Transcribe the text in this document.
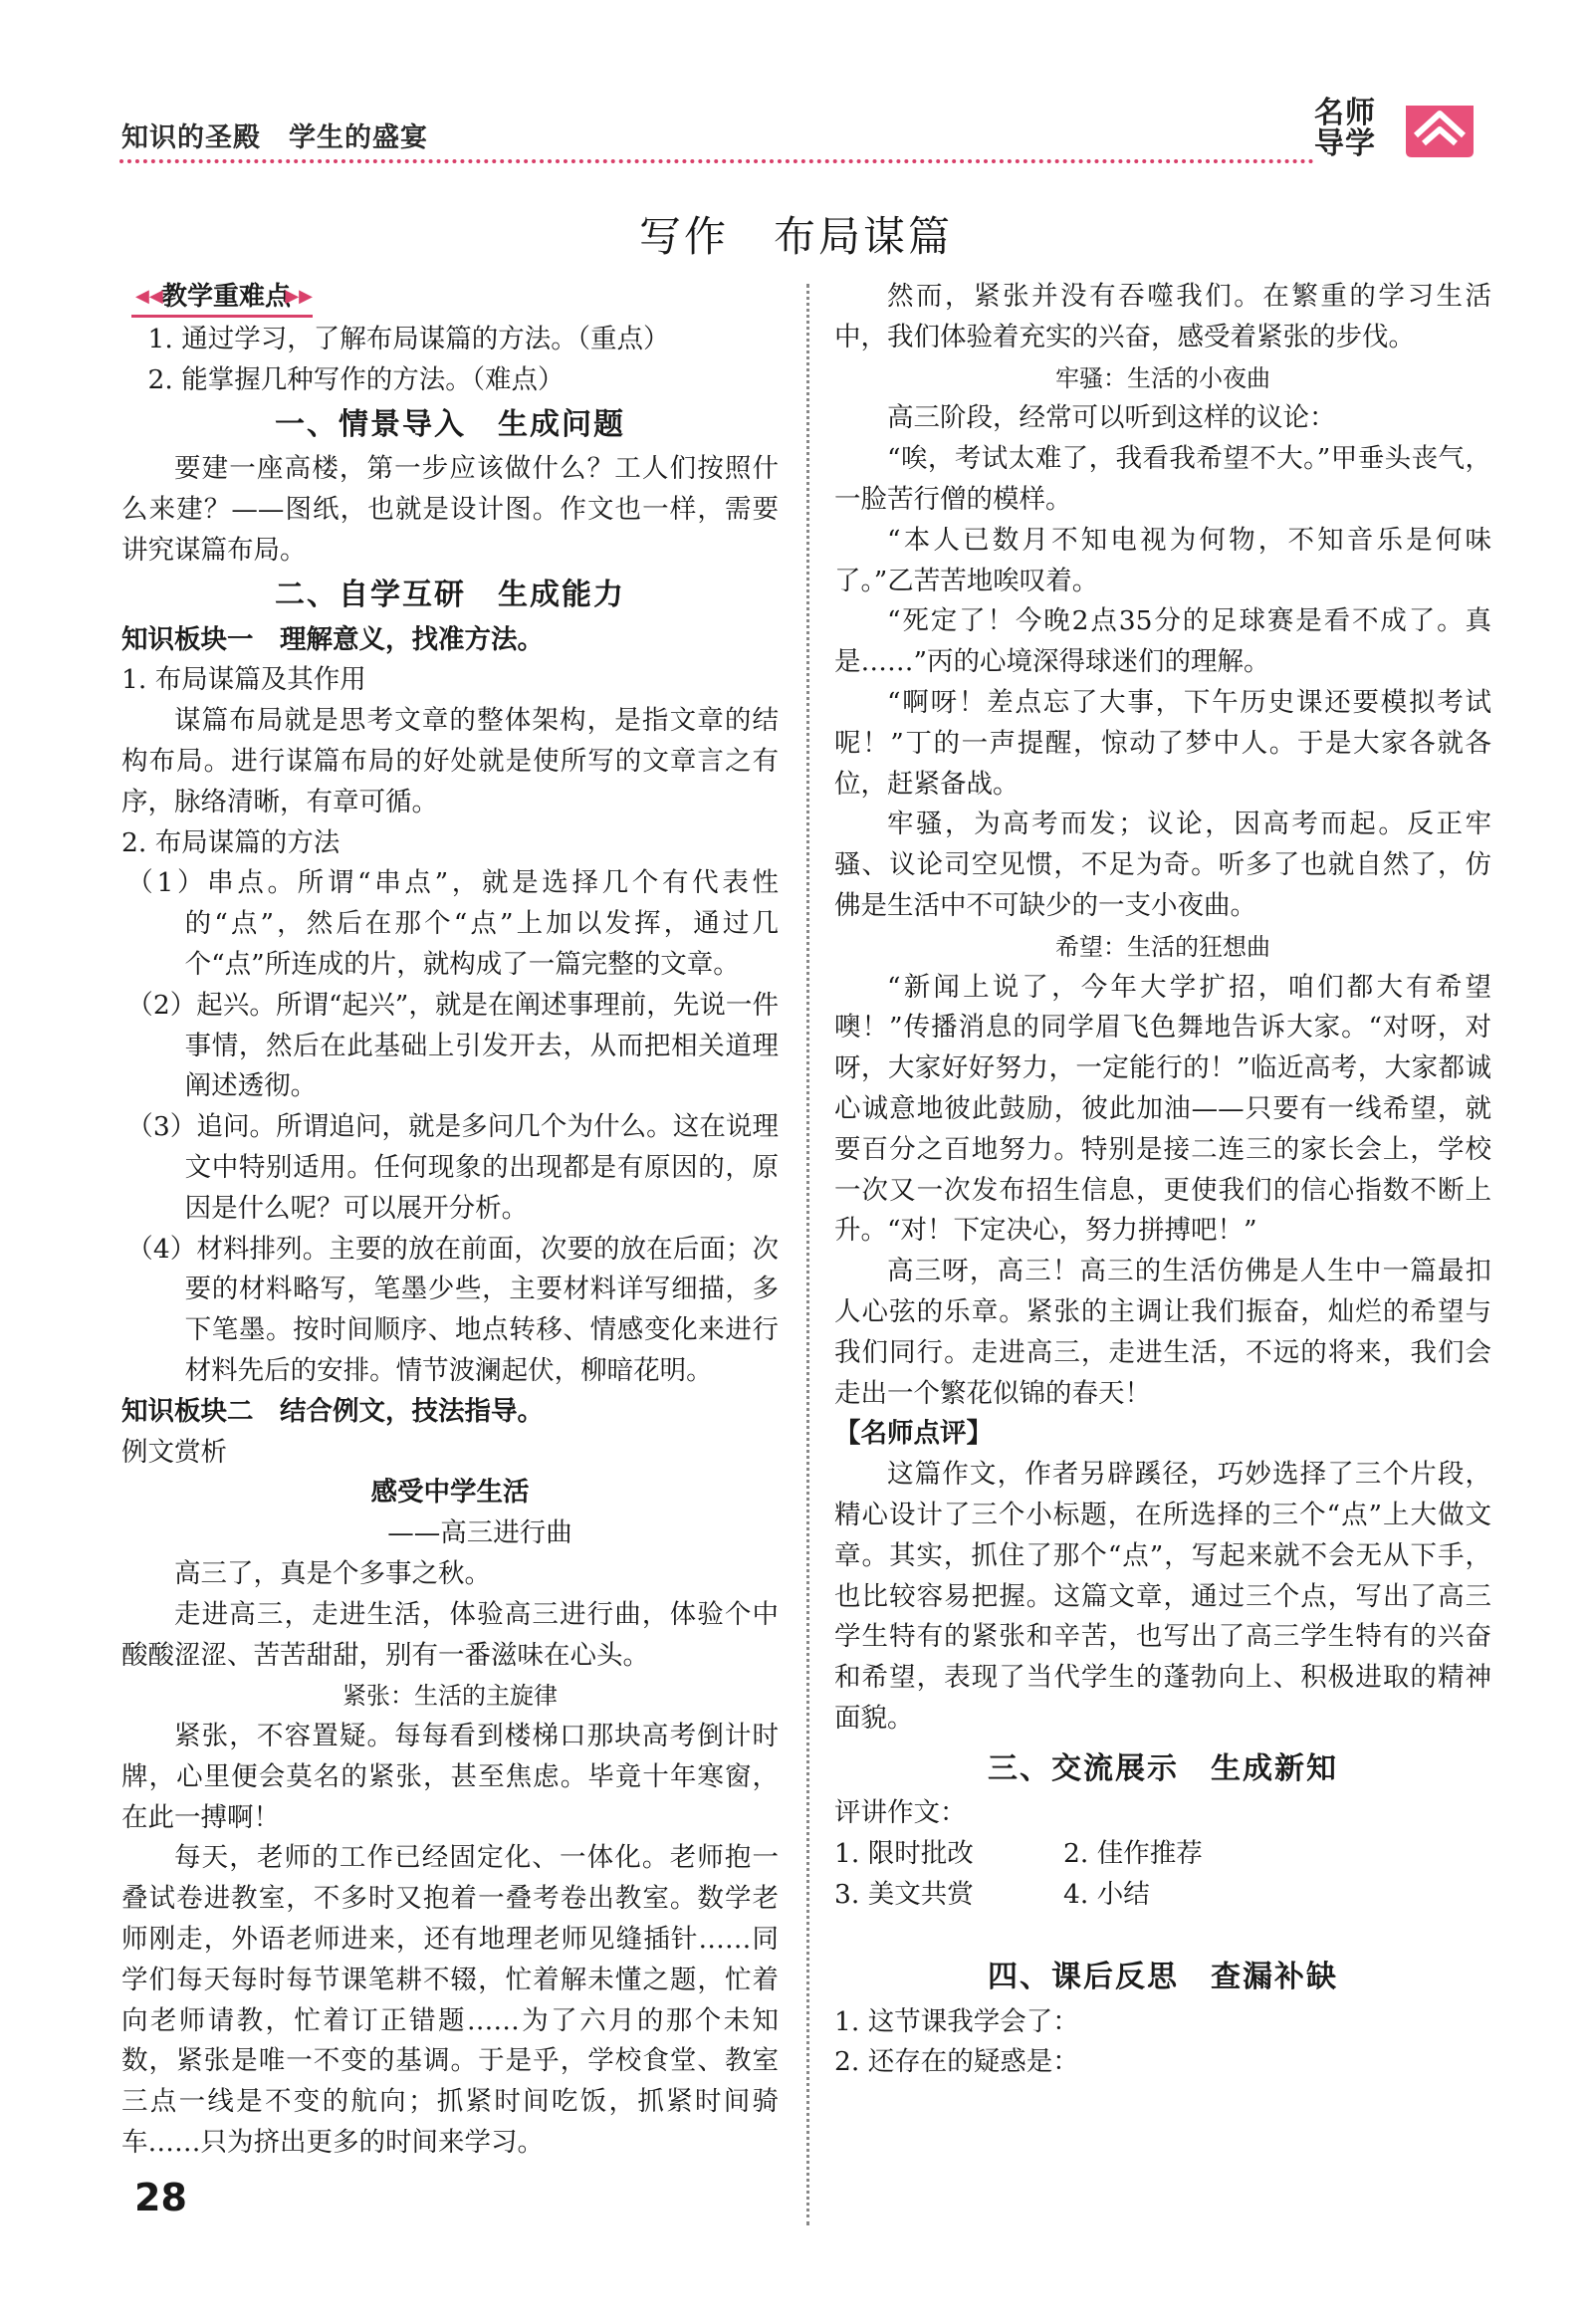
知识的圣殿　学生的盛宴
名师导学
写作　布局谋篇
◀◀
教学重难点
▶▶

1. 通过学习，了解布局谋篇的方法。（重点）

2. 能掌握几种写作的方法。（难点）

一、情景导入　生成问题

要建一座高楼，第一步应该做什么？工人们按照什么来建？——图纸，也就是设计图。作文也一样，需要讲究谋篇布局。

二、自学互研　生成能力

知识板块一　理解意义，找准方法。

1. 布局谋篇及其作用

谋篇布局就是思考文章的整体架构，是指文章的结构布局。进行谋篇布局的好处就是使所写的文章言之有序，脉络清晰，有章可循。

2. 布局谋篇的方法

（1）串点。所谓“串点”，就是选择几个有代表性的“点”，然后在那个“点”上加以发挥，通过几个“点”所连成的片，就构成了一篇完整的文章。

（2）起兴。所谓“起兴”，就是在阐述事理前，先说一件事情，然后在此基础上引发开去，从而把相关道理阐述透彻。

（3）追问。所谓追问，就是多问几个为什么。这在说理文中特别适用。任何现象的出现都是有原因的，原因是什么呢？可以展开分析。

（4）材料排列。主要的放在前面，次要的放在后面；次要的材料略写，笔墨少些，主要材料详写细描，多下笔墨。按时间顺序、地点转移、情感变化来进行材料先后的安排。情节波澜起伏，柳暗花明。

知识板块二　结合例文，技法指导。

例文赏析

感受中学生活

——高三进行曲

高三了，真是个多事之秋。

走进高三，走进生活，体验高三进行曲，体验个中酸酸涩涩、苦苦甜甜，别有一番滋味在心头。

紧张：生活的主旋律

紧张，不容置疑。每每看到楼梯口那块高考倒计时牌，心里便会莫名的紧张，甚至焦虑。毕竟十年寒窗，在此一搏啊！

每天，老师的工作已经固定化、一体化。老师抱一叠试卷进教室，不多时又抱着一叠考卷出教室。数学老师刚走，外语老师进来，还有地理老师见缝插针……同学们每天每时每节课笔耕不辍，忙着解未懂之题，忙着向老师请教，忙着订正错题……为了六月的那个未知数，紧张是唯一不变的基调。于是乎，学校食堂、教室三点一线是不变的航向；抓紧时间吃饭，抓紧时间骑车……只为挤出更多的时间来学习。

然而，紧张并没有吞噬我们。在繁重的学习生活中，我们体验着充实的兴奋，感受着紧张的步伐。

牢骚：生活的小夜曲

高三阶段，经常可以听到这样的议论：

“唉，考试太难了，我看我希望不大。”甲垂头丧气，一脸苦行僧的模样。

“本人已数月不知电视为何物，不知音乐是何味了。”乙苦苦地唉叹着。

“死定了！今晚2点35分的足球赛是看不成了。真是……”丙的心境深得球迷们的理解。

“啊呀！差点忘了大事，下午历史课还要模拟考试呢！”丁的一声提醒，惊动了梦中人。于是大家各就各位，赶紧备战。

牢骚，为高考而发；议论，因高考而起。反正牢骚、议论司空见惯，不足为奇。听多了也就自然了，仿佛是生活中不可缺少的一支小夜曲。

希望：生活的狂想曲

“新闻上说了，今年大学扩招，咱们都大有希望噢！”传播消息的同学眉飞色舞地告诉大家。“对呀，对呀，大家好好努力，一定能行的！”临近高考，大家都诚心诚意地彼此鼓励，彼此加油——只要有一线希望，就要百分之百地努力。特别是接二连三的家长会上，学校一次又一次发布招生信息，更使我们的信心指数不断上升。“对！下定决心，努力拼搏吧！”

高三呀，高三！高三的生活仿佛是人生中一篇最扣人心弦的乐章。紧张的主调让我们振奋，灿烂的希望与我们同行。走进高三，走进生活，不远的将来，我们会走出一个繁花似锦的春天！

【名师点评】

这篇作文，作者另辟蹊径，巧妙选择了三个片段，精心设计了三个小标题，在所选择的三个“点”上大做文章。其实，抓住了那个“点”，写起来就不会无从下手，也比较容易把握。这篇文章，通过三个点，写出了高三学生特有的紧张和辛苦，也写出了高三学生特有的兴奋和希望，表现了当代学生的蓬勃向上、积极进取的精神面貌。

三、交流展示　生成新知

评讲作文：

1. 限时批改	2. 佳作推荐
3. 美文共赏	4. 小结
四、课后反思　查漏补缺

1. 这节课我学会了：

2. 还存在的疑惑是：

28
